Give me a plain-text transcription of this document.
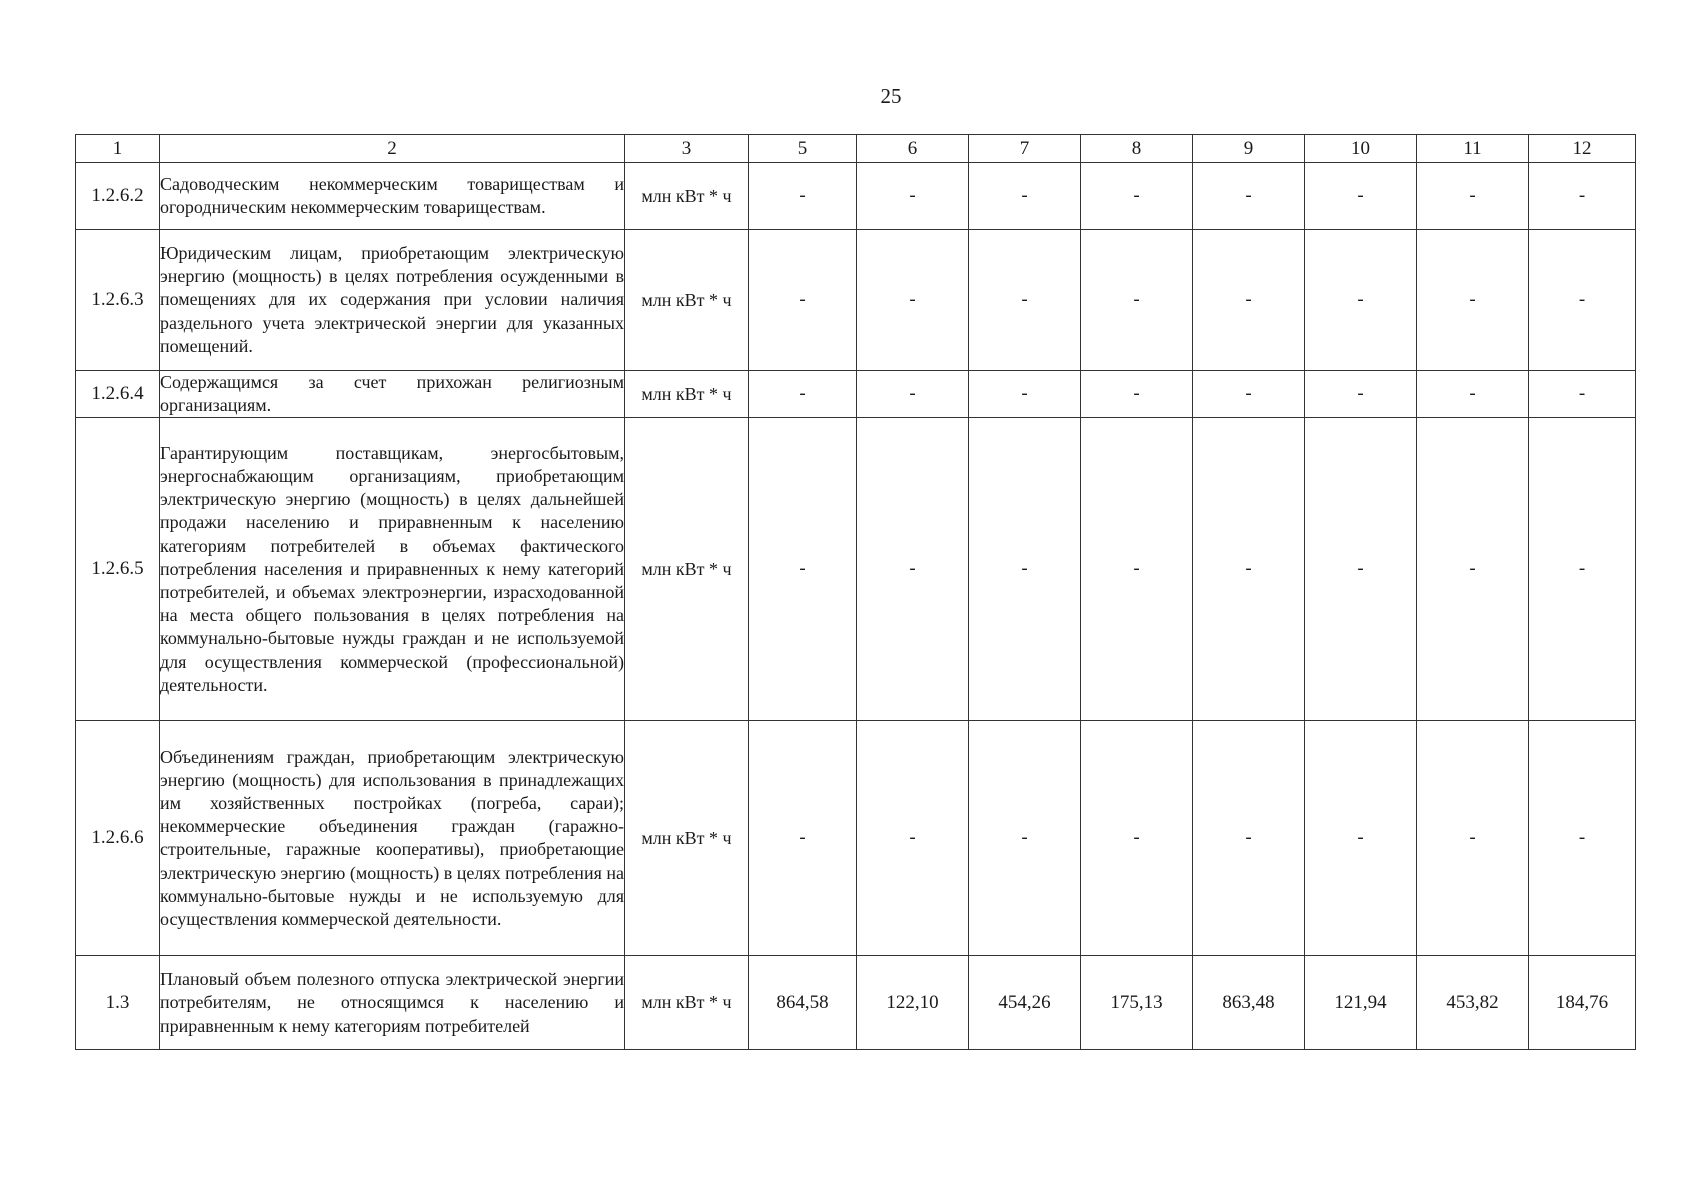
25
1	2	3	5	6	7	8	9	10	11	12
1.2.6.2	Садоводческим некоммерческим товариществам и огородническим некоммерческим товариществам.	млн кВт * ч	-	-	-	-	-	-	-	-
1.2.6.3	Юридическим лицам, приобретающим электрическую энергию (мощность) в целях потребления осужденными в помещениях для их содержания при условии наличия раздельного учета электрической энергии для указанных помещений.	млн кВт * ч	-	-	-	-	-	-	-	-
1.2.6.4	Содержащимся за счет прихожан религиозным организациям.	млн кВт * ч	-	-	-	-	-	-	-	-
1.2.6.5	Гарантирующим поставщикам, энергосбытовым, энергоснабжающим организациям, приобретающим электрическую энергию (мощность) в целях дальнейшей продажи населению и приравненным к населению категориям потребителей в объемах фактического потребления населения и приравненных к нему категорий потребителей, и объемах электроэнергии, израсходованной на места общего пользования в целях потребления на коммунально-бытовые нужды граждан и не используемой для осуществления коммерческой (профессиональной) деятельности.	млн кВт * ч	-	-	-	-	-	-	-	-
1.2.6.6	Объединениям граждан, приобретающим электрическую энергию (мощность) для использования в принадлежащих им хозяйственных постройках (погреба, сараи); некоммерческие объединения граждан (гаражно-строительные, гаражные кооперативы), приобретающие электрическую энергию (мощность) в целях потребления на коммунально-бытовые нужды и не используемую для осуществления коммерческой деятельности.	млн кВт * ч	-	-	-	-	-	-	-	-
1.3	Плановый объем полезного отпуска электрической энергии потребителям, не относящимся к населению и приравненным к нему категориям потребителей	млн кВт * ч	864,58	122,10	454,26	175,13	863,48	121,94	453,82	184,76
